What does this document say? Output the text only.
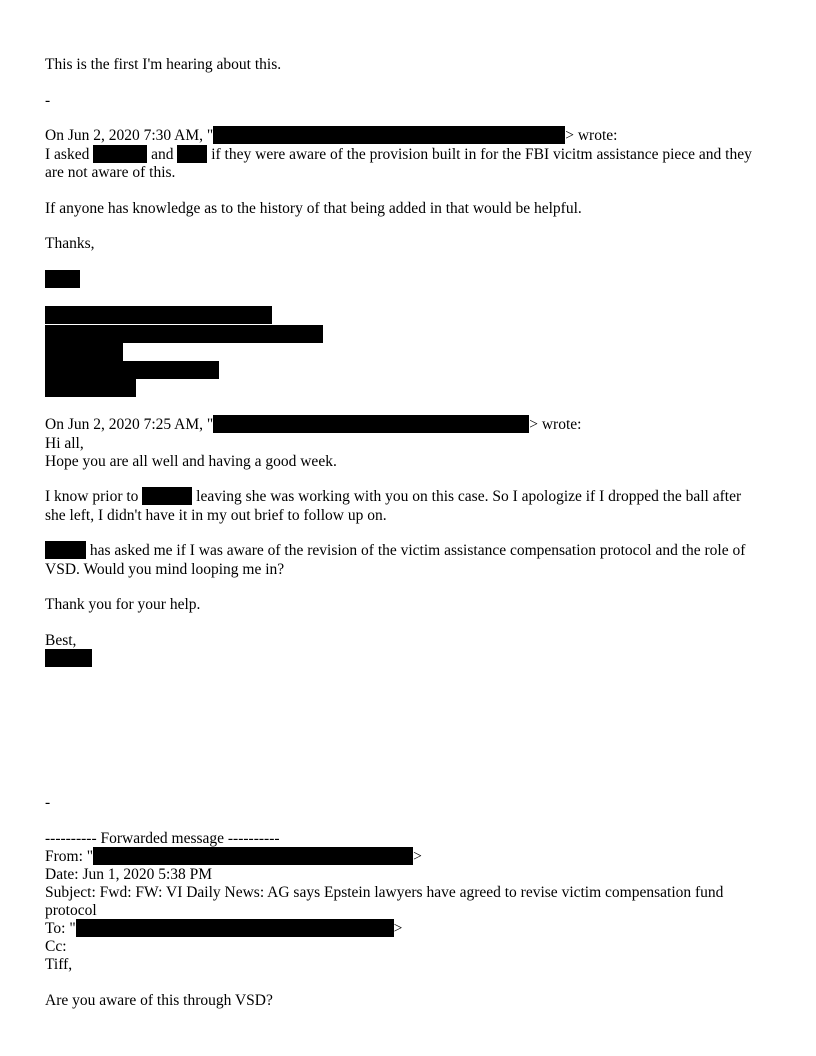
This is the first I'm hearing about this.
-
On Jun 2, 2020 7:30 AM, "	> wrote:
I asked	and  if they were aware of the provision built in for the FBI vicitm assistance piece and they
are not aware of this.
If anyone has knowledge as to the history of that being added in that would be helpful.
Thanks,
On Jun 2, 2020 7:25 AM, "	> wrote:
Hi all,
Hope you are all well and having a good week.
I know prior to	leaving she was working with you on this case. So I apologize if I dropped the ball after
she left, I didn't have it in my out brief to follow up on.
has asked me if I was aware of the revision of the victim assistance compensation protocol and the role of
VSD. Would you mind looping me in?
Thank you for your help.
Best,
-
---------- Forwarded message ----------
From: "	>
Date: Jun 1, 2020 5:38 PM
Subject: Fwd: FW: VI Daily News: AG says Epstein lawyers have agreed to revise victim compensation fund
protocol
To: "	>
Cc:
Tiff,
Are you aware of this through VSD?
